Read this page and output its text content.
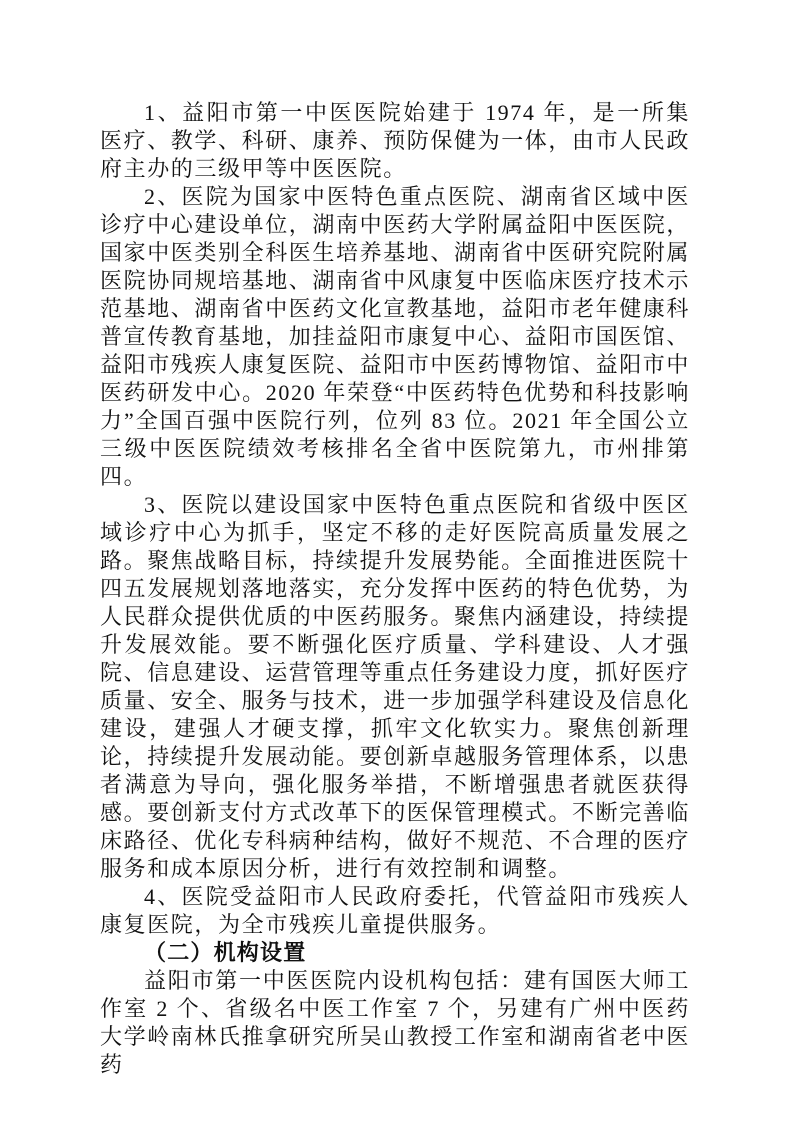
1、益阳市第一中医医院始建于 1974 年，是一所集医疗、教学、科研、康养、预防保健为一体，由市人民政府主办的三级甲等中医医院。

2、医院为国家中医特色重点医院、湖南省区域中医诊疗中心建设单位，湖南中医药大学附属益阳中医医院，国家中医类别全科医生培养基地、湖南省中医研究院附属医院协同规培基地、湖南省中风康复中医临床医疗技术示范基地、湖南省中医药文化宣教基地，益阳市老年健康科普宣传教育基地，加挂益阳市康复中心、益阳市国医馆、益阳市残疾人康复医院、益阳市中医药博物馆、益阳市中医药研发中心。2020 年荣登“中医药特色优势和科技影响力”全国百强中医院行列，位列 83 位。2021 年全国公立三级中医医院绩效考核排名全省中医院第九，市州排第四。

3、医院以建设国家中医特色重点医院和省级中医区域诊疗中心为抓手，坚定不移的走好医院高质量发展之路。聚焦战略目标，持续提升发展势能。全面推进医院十四五发展规划落地落实，充分发挥中医药的特色优势，为人民群众提供优质的中医药服务。聚焦内涵建设，持续提升发展效能。要不断强化医疗质量、学科建设、人才强院、信息建设、运营管理等重点任务建设力度，抓好医疗质量、安全、服务与技术，进一步加强学科建设及信息化建设，建强人才硬支撑，抓牢文化软实力。聚焦创新理论，持续提升发展动能。要创新卓越服务管理体系，以患者满意为导向，强化服务举措，不断增强患者就医获得感。要创新支付方式改革下的医保管理模式。不断完善临床路径、优化专科病种结构，做好不规范、不合理的医疗服务和成本原因分析，进行有效控制和调整。

4、医院受益阳市人民政府委托，代管益阳市残疾人康复医院，为全市残疾儿童提供服务。

（二）机构设置

益阳市第一中医医院内设机构包括：建有国医大师工作室 2 个、省级名中医工作室 7 个，另建有广州中医药大学岭南林氏推拿研究所吴山教授工作室和湖南省老中医药
